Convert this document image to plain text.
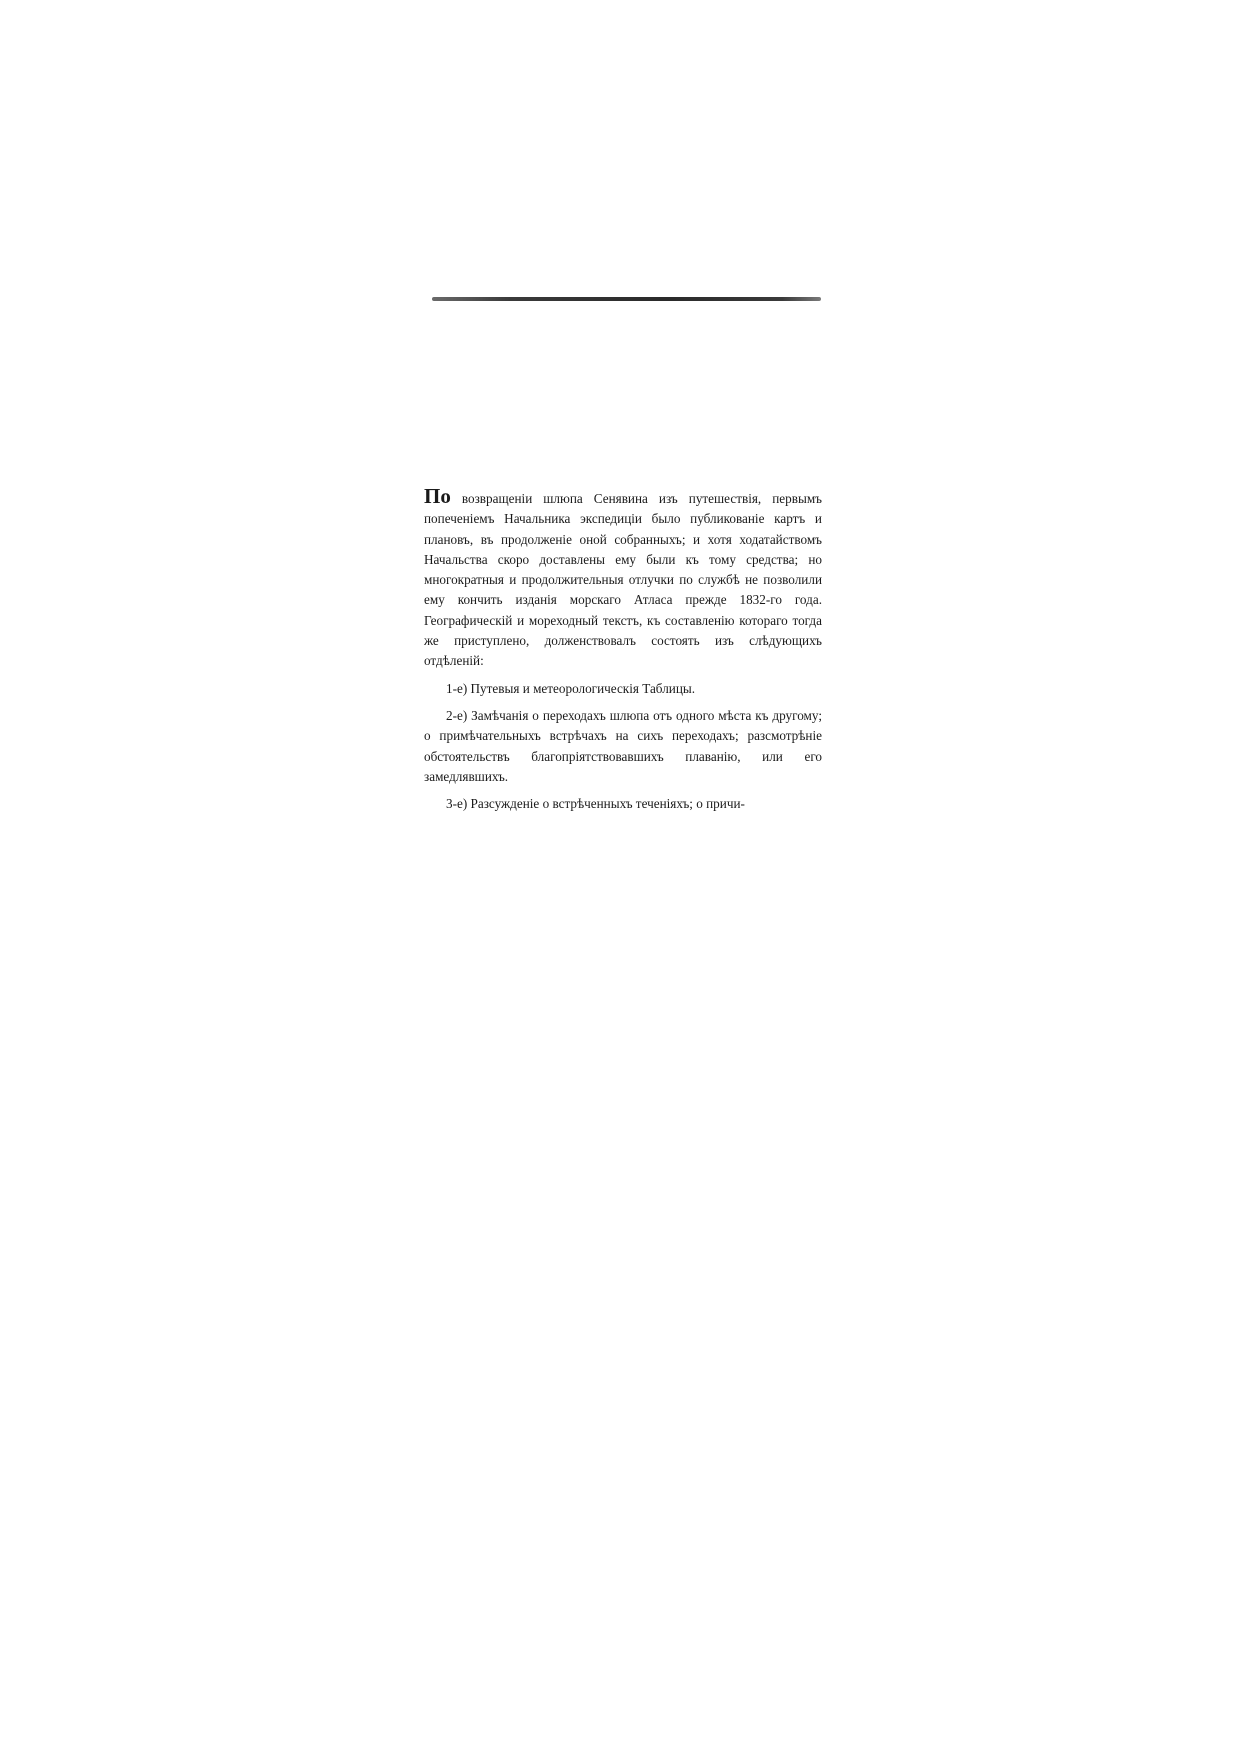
По возвращеніи шлюпа Сенявина изъ путешествія, первымъ попеченіемъ Начальника экспедиціи было публикованіе картъ и плановъ, въ продолженіе оной собранныхъ; и хотя ходатайствомъ Начальства скоро доставлены ему были къ тому средства; но многократныя и продолжительныя отлучки по службѣ не позволили ему кончить изданія морскаго Атласа прежде 1832-го года. Географическій и мореходный текстъ, къ составленію котораго тогда же приступлено, долженствовалъ состоять изъ слѣдующихъ отдѣленій:

1-е) Путевыя и метеорологическія Таблицы.

2-е) Замѣчанія о переходахъ шлюпа отъ одного мѣста къ другому; о примѣчательныхъ встрѣчахъ на сихъ переходахъ; разсмотрѣніе обстоятельствъ благопріятствовавшихъ плаванію, или его замедлявшихъ.

3-е) Разсужденіе о встрѣченныхъ теченіяхъ; о причи-
